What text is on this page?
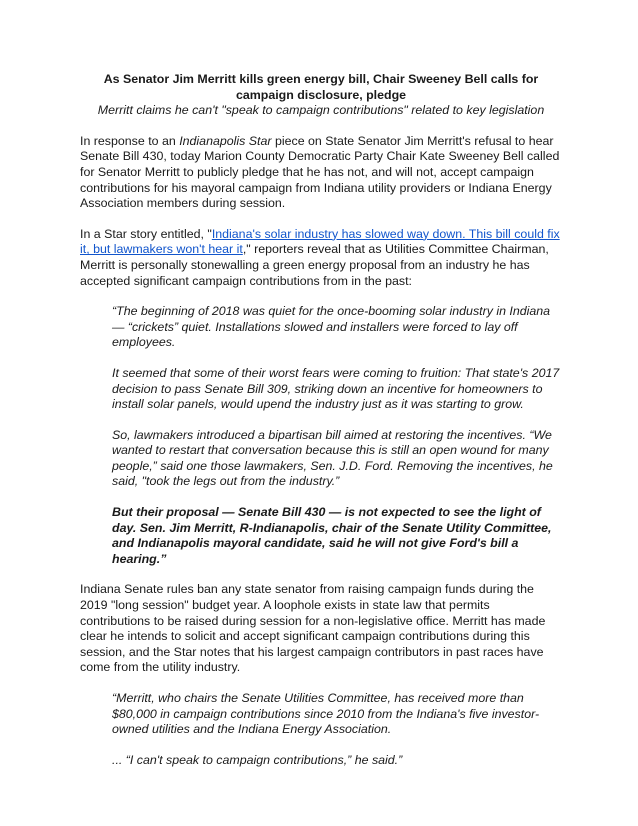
As Senator Jim Merritt kills green energy bill, Chair Sweeney Bell calls for campaign disclosure, pledge
Merritt claims he can't "speak to campaign contributions" related to key legislation

In response to an Indianapolis Star piece on State Senator Jim Merritt's refusal to hear Senate Bill 430, today Marion County Democratic Party Chair Kate Sweeney Bell called for Senator Merritt to publicly pledge that he has not, and will not, accept campaign contributions for his mayoral campaign from Indiana utility providers or Indiana Energy Association members during session.

In a Star story entitled, "Indiana's solar industry has slowed way down. This bill could fix it, but lawmakers won't hear it," reporters reveal that as Utilities Committee Chairman, Merritt is personally stonewalling a green energy proposal from an industry he has accepted significant campaign contributions from in the past:

“The beginning of 2018 was quiet for the once-booming solar industry in Indiana — “crickets” quiet. Installations slowed and installers were forced to lay off employees.

It seemed that some of their worst fears were coming to fruition: That state's 2017 decision to pass Senate Bill 309, striking down an incentive for homeowners to install solar panels, would upend the industry just as it was starting to grow.

So, lawmakers introduced a bipartisan bill aimed at restoring the incentives. “We wanted to restart that conversation because this is still an open wound for many people,” said one those lawmakers, Sen. J.D. Ford. Removing the incentives, he said, "took the legs out from the industry.”

But their proposal — Senate Bill 430 — is not expected to see the light of day. Sen. Jim Merritt, R-Indianapolis, chair of the Senate Utility Committee, and Indianapolis mayoral candidate, said he will not give Ford's bill a hearing.”

Indiana Senate rules ban any state senator from raising campaign funds during the 2019 "long session" budget year. A loophole exists in state law that permits contributions to be raised during session for a non-legislative office. Merritt has made clear he intends to solicit and accept significant campaign contributions during this session, and the Star notes that his largest campaign contributors in past races have come from the utility industry.

“Merritt, who chairs the Senate Utilities Committee, has received more than $80,000 in campaign contributions since 2010 from the Indiana's five investor-owned utilities and the Indiana Energy Association.

... “I can't speak to campaign contributions,” he said.”
